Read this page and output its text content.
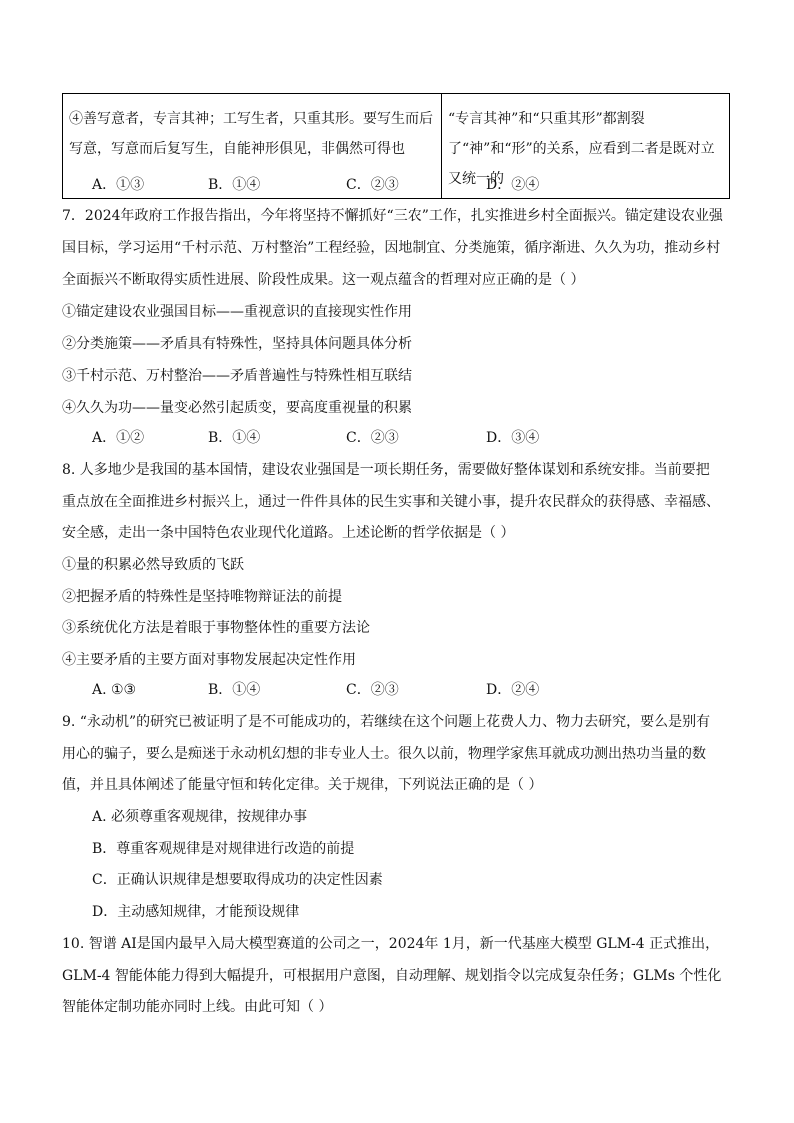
④善写意者，专言其神；工写生者，只重其形。要写生而后写意，写意而后复写生，自能神形俱见，非偶然可得也	“专言其神”和“只重其形”都割裂了“神”和“形”的关系，应看到二者是既对立又统一的
A．①③	B．①④	C．②③	D．②④
7．2024年政府工作报告指出，今年将坚持不懈抓好“三农”工作，扎实推进乡村全面振兴。锚定建设农业强
国目标，学习运用“千村示范、万村整治”工程经验，因地制宜、分类施策，循序渐进、久久为功，推动乡村
全面振兴不断取得实质性进展、阶段性成果。这一观点蕴含的哲理对应正确的是（ ）
①锚定建设农业强国目标——重视意识的直接现实性作用
②分类施策——矛盾具有特殊性，坚持具体问题具体分析
③千村示范、万村整治——矛盾普遍性与特殊性相互联结
④久久为功——量变必然引起质变，要高度重视量的积累
A．①②	B．①④	C．②③	D．③④
8. 人多地少是我国的基本国情，建设农业强国是一项长期任务，需要做好整体谋划和系统安排。当前要把
重点放在全面推进乡村振兴上，通过一件件具体的民生实事和关键小事，提升农民群众的获得感、幸福感、
安全感，走出一条中国特色农业现代化道路。上述论断的哲学依据是（ ）
①量的积累必然导致质的飞跃
②把握矛盾的特殊性是坚持唯物辩证法的前提
③系统优化方法是着眼于事物整体性的重要方法论
④主要矛盾的主要方面对事物发展起决定性作用
A. ①③	B．①④	C．②③	D．②④
9. “永动机”的研究已被证明了是不可能成功的，若继续在这个问题上花费人力、物力去研究，要么是别有
用心的骗子，要么是痴迷于永动机幻想的非专业人士。很久以前，物理学家焦耳就成功测出热功当量的数
值，并且具体阐述了能量守恒和转化定律。关于规律，下列说法正确的是（ ）
A. 必须尊重客观规律，按规律办事
B．尊重客观规律是对规律进行改造的前提
C．正确认识规律是想要取得成功的决定性因素
D．主动感知规律，才能预设规律
10. 智谱 AI是国内最早入局大模型赛道的公司之一，2024年 1月，新一代基座大模型 GLM-4 正式推出，
GLM-4 智能体能力得到大幅提升，可根据用户意图，自动理解、规划指令以完成复杂任务；GLMs 个性化
智能体定制功能亦同时上线。由此可知（ ）
